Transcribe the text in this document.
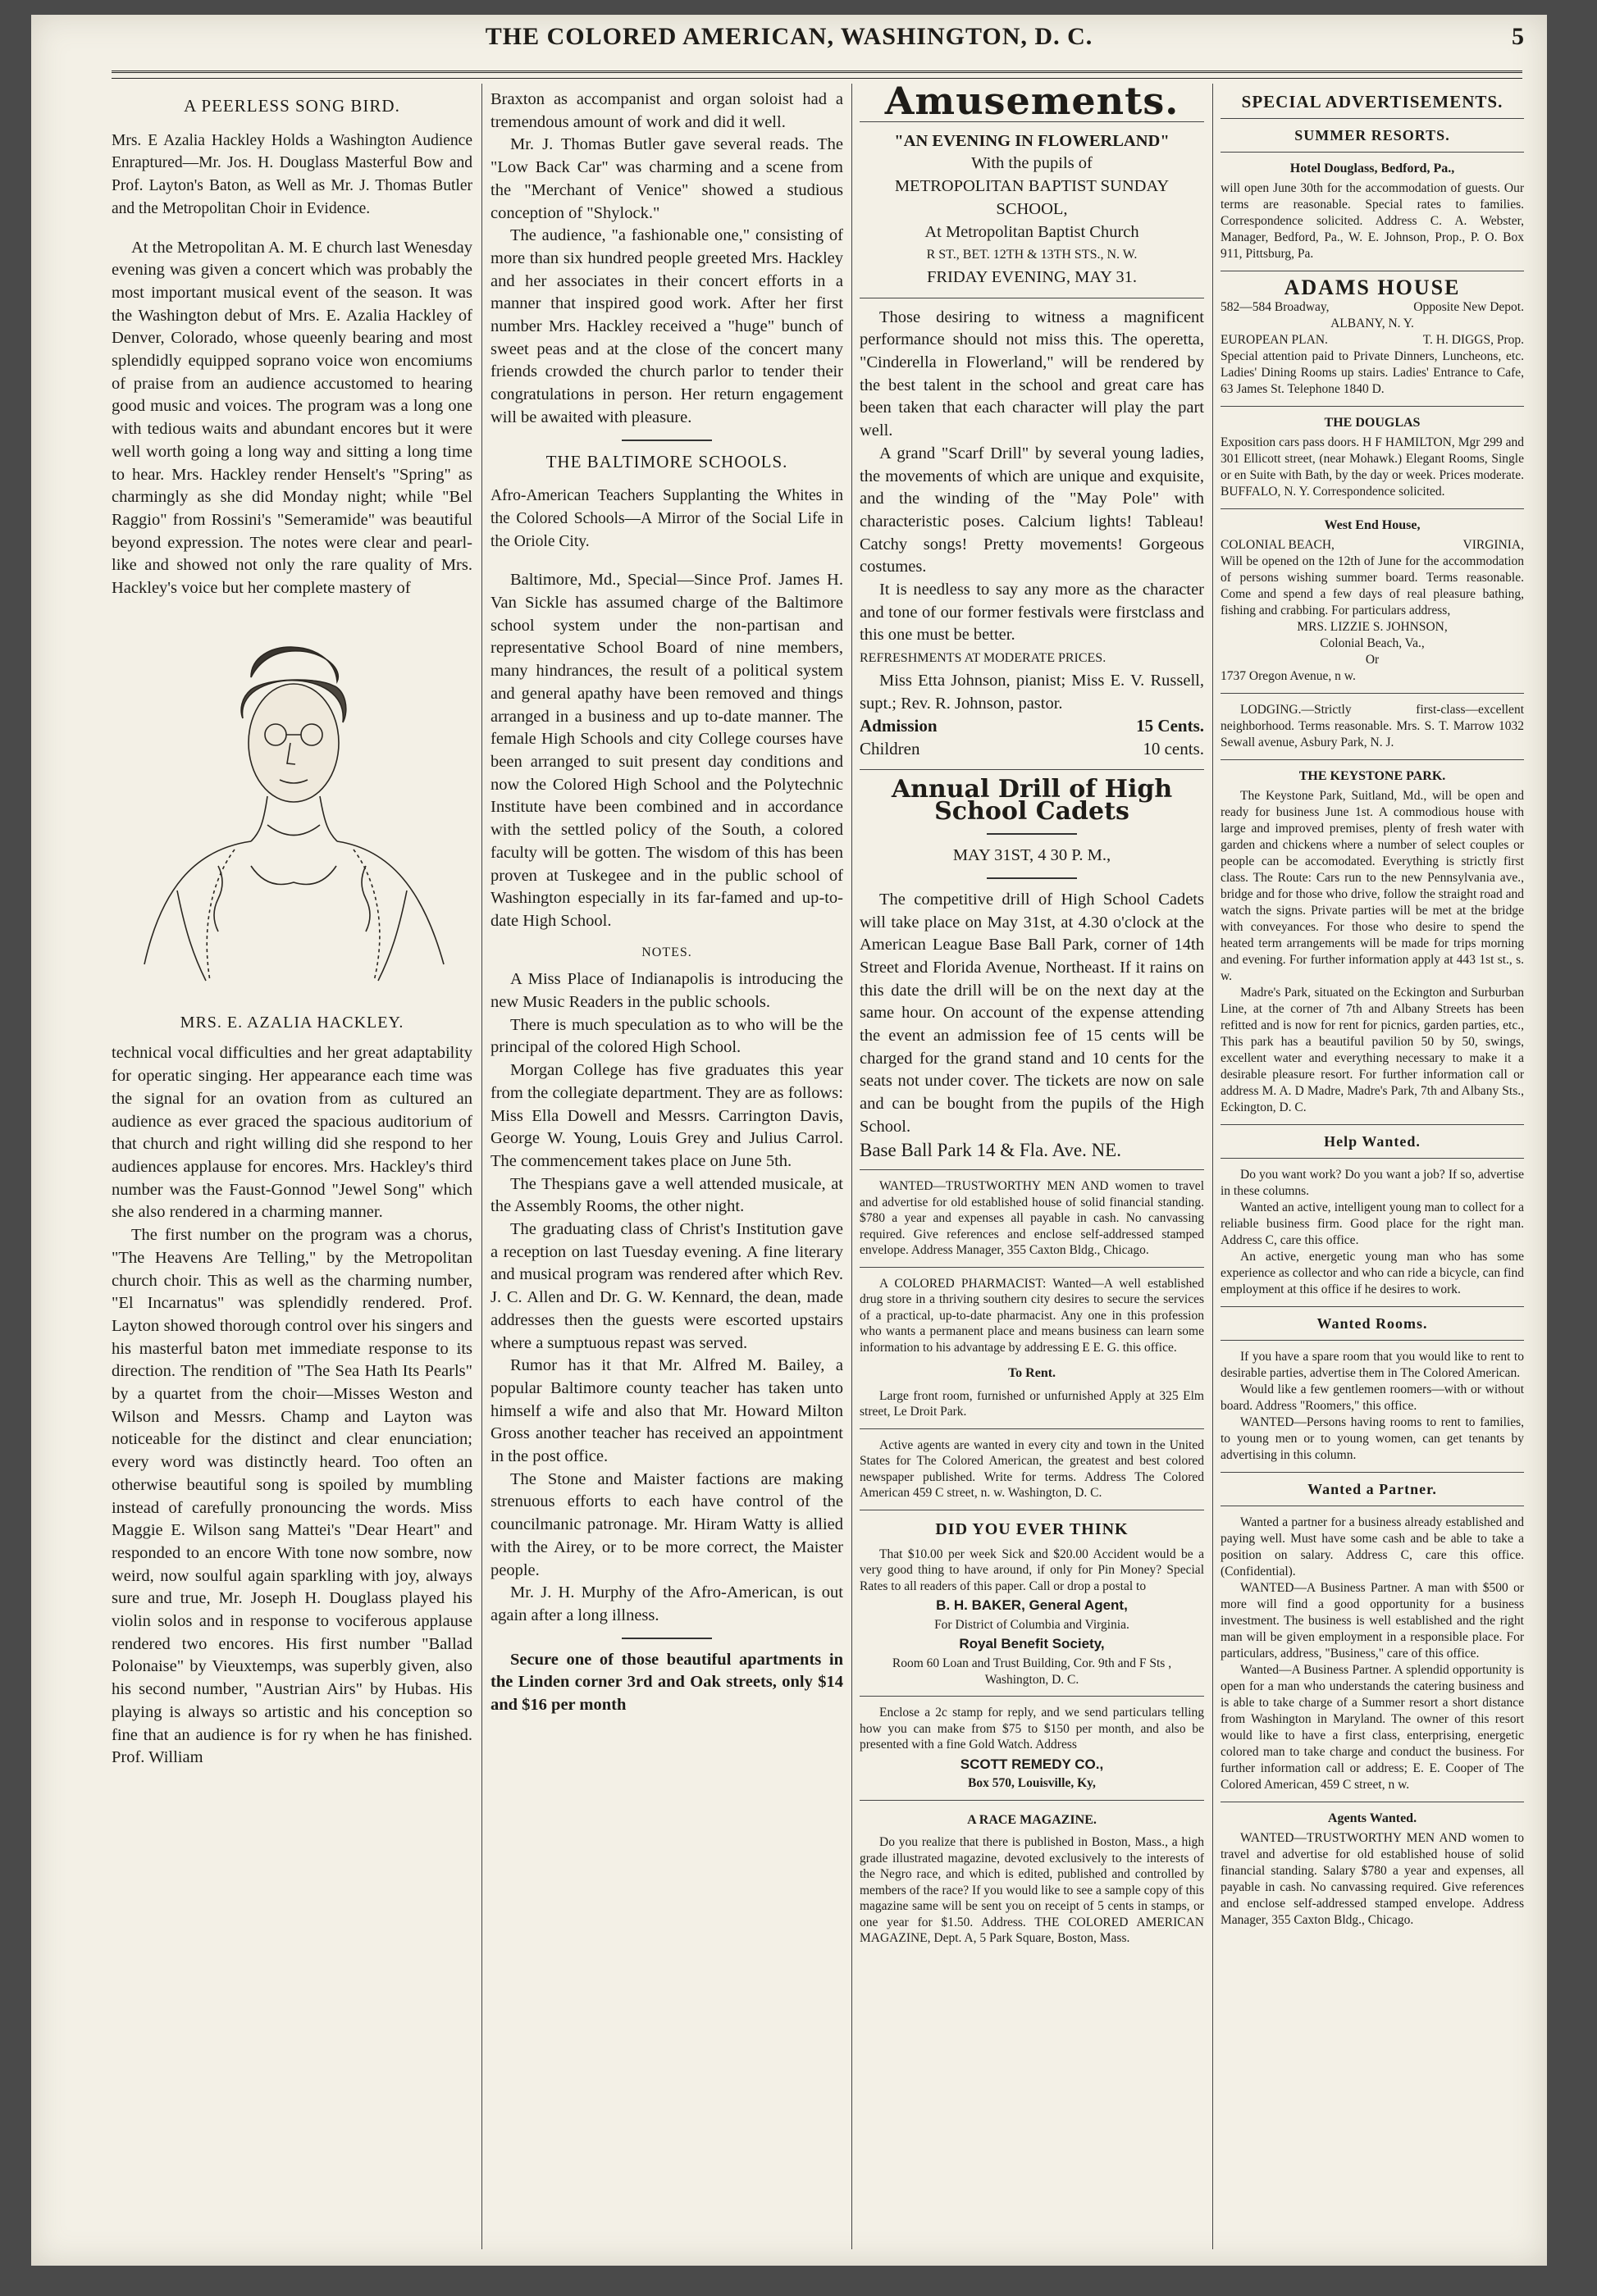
THE COLORED AMERICAN, WASHINGTON, D. C.	5
A PEERLESS SONG BIRD.

Mrs. E Azalia Hackley Holds a Washington Audience Enraptured—Mr. Jos. H. Douglass Masterful Bow and Prof. Layton's Baton, as Well as Mr. J. Thomas Butler and the Metropolitan Choir in Evidence.

At the Metropolitan A. M. E church last Wenesday evening was given a concert which was probably the most important musical event of the season. It was the Washington debut of Mrs. E. Azalia Hackley of Denver, Colorado, whose queenly bearing and most splendidly equipped soprano voice won encomiums of praise from an audience accustomed to hearing good music and voices. The program was a long one with tedious waits and abundant encores but it were well worth going a long way and sitting a long time to hear. Mrs. Hackley render Henselt's "Spring" as charmingly as she did Monday night; while "Bel Raggio" from Rossini's "Semeramide" was beautiful beyond expression. The notes were clear and pearl-like and showed not only the rare quality of Mrs. Hackley's voice but her complete mastery of

MRS. E. AZALIA HACKLEY.

technical vocal difficulties and her great adaptability for operatic singing. Her appearance each time was the signal for an ovation from as cultured an audience as ever graced the spacious auditorium of that church and right willing did she respond to her audiences applause for encores. Mrs. Hackley's third number was the Faust-Gonnod "Jewel Song" which she also rendered in a charming manner.

The first number on the program was a chorus, "The Heavens Are Telling," by the Metropolitan church choir. This as well as the charming number, "El Incarnatus" was splendidly rendered. Prof. Layton showed thorough control over his singers and his masterful baton met immediate response to its direction. The rendition of "The Sea Hath Its Pearls" by a quartet from the choir—Misses Weston and Wilson and Messrs. Champ and Layton was noticeable for the distinct and clear enunciation; every word was distinctly heard. Too often an otherwise beautiful song is spoiled by mumbling instead of carefully pronouncing the words. Miss Maggie E. Wilson sang Mattei's "Dear Heart" and responded to an encore With tone now sombre, now weird, now soulful again sparkling with joy, always sure and true, Mr. Joseph H. Douglass played his violin solos and in response to vociferous applause rendered two encores. His first number "Ballad Polonaise" by Vieuxtemps, was superbly given, also his second number, "Austrian Airs" by Hubas. His playing is always so artistic and his conception so fine that an audience is for ry when he has finished. Prof. William

Braxton as accompanist and organ soloist had a tremendous amount of work and did it well.

Mr. J. Thomas Butler gave several reads. The "Low Back Car" was charming and a scene from the "Merchant of Venice" showed a studious conception of "Shylock."

The audience, "a fashionable one," consisting of more than six hundred people greeted Mrs. Hackley and her associates in their concert efforts in a manner that inspired good work. After her first number Mrs. Hackley received a "huge" bunch of sweet peas and at the close of the concert many friends crowded the church parlor to tender their congratulations in person. Her return engagement will be awaited with pleasure.

THE BALTIMORE SCHOOLS.

Afro-American Teachers Supplanting the Whites in the Colored Schools—A Mirror of the Social Life in the Oriole City.

Baltimore, Md., Special—Since Prof. James H. Van Sickle has assumed charge of the Baltimore school system under the non-partisan and representative School Board of nine members, many hindrances, the result of a political system and general apathy have been removed and things arranged in a business and up to-date manner. The female High Schools and city College courses have been arranged to suit present day conditions and now the Colored High School and the Polytechnic Institute have been combined and in accordance with the settled policy of the South, a colored faculty will be gotten. The wisdom of this has been proven at Tuskegee and in the public school of Washington especially in its far-famed and up-to-date High School.

NOTES.

A Miss Place of Indianapolis is introducing the new Music Readers in the public schools.

There is much speculation as to who will be the principal of the colored High School.

Morgan College has five graduates this year from the collegiate department. They are as follows: Miss Ella Dowell and Messrs. Carrington Davis, George W. Young, Louis Grey and Julius Carrol. The commencement takes place on June 5th.

The Thespians gave a well attended musicale, at the Assembly Rooms, the other night.

The graduating class of Christ's Institution gave a reception on last Tuesday evening. A fine literary and musical program was rendered after which Rev. J. C. Allen and Dr. G. W. Kennard, the dean, made addresses then the guests were escorted upstairs where a sumptuous repast was served.

Rumor has it that Mr. Alfred M. Bailey, a popular Baltimore county teacher has taken unto himself a wife and also that Mr. Howard Milton Gross another teacher has received an appointment in the post office.

The Stone and Maister factions are making strenuous efforts to each have control of the councilmanic patronage. Mr. Hiram Watty is allied with the Airey, or to be more correct, the Maister people.

Mr. J. H. Murphy of the Afro-American, is out again after a long illness.

Secure one of those beautiful apartments in the Linden corner 3rd and Oak streets, only $14 and $16 per month

Amusements.

"AN EVENING IN FLOWERLAND"

With the pupils of

METROPOLITAN BAPTIST SUNDAY

SCHOOL,

At Metropolitan Baptist Church

R ST., BET. 12TH & 13TH STS., N. W.

FRIDAY EVENING, MAY 31.

Those desiring to witness a magnificent performance should not miss this. The operetta, "Cinderella in Flowerland," will be rendered by the best talent in the school and great care has been taken that each character will play the part well.

A grand "Scarf Drill" by several young ladies, the movements of which are unique and exquisite, and the winding of the "May Pole" with characteristic poses. Calcium lights! Tableau! Catchy songs! Pretty movements! Gorgeous costumes.

It is needless to say any more as the character and tone of our former festivals were firstclass and this one must be better.

REFRESHMENTS AT MODERATE PRICES.

Miss Etta Johnson, pianist; Miss E. V. Russell, supt.; Rev. R. Johnson, pastor.

Admission	15 Cents.
Children	10 cents.
Annual Drill of High School Cadets

MAY 31ST, 4 30 P. M.,

The competitive drill of High School Cadets will take place on May 31st, at 4.30 o'clock at the American League Base Ball Park, corner of 14th Street and Florida Avenue, Northeast. If it rains on this date the drill will be on the next day at the same hour. On account of the expense attending the event an admission fee of 15 cents will be charged for the grand stand and 10 cents for the seats not under cover. The tickets are now on sale and can be bought from the pupils of the High School.

Base Ball Park 14 & Fla. Ave. NE.

WANTED—TRUSTWORTHY MEN AND women to travel and advertise for old established house of solid financial standing. $780 a year and expenses all payable in cash. No canvassing required. Give references and enclose self-addressed stamped envelope. Address Manager, 355 Caxton Bldg., Chicago.

A COLORED PHARMACIST: Wanted—A well established drug store in a thriving southern city desires to secure the services of a practical, up-to-date pharmacist. Any one in this profession who wants a permanent place and means business can learn some information to his advantage by addressing E E. G. this office.

To Rent.

Large front room, furnished or unfurnished Apply at 325 Elm street, Le Droit Park.

Active agents are wanted in every city and town in the United States for The Colored American, the greatest and best colored newspaper published. Write for terms. Address The Colored American 459 C street, n. w. Washington, D. C.

DID YOU EVER THINK

That $10.00 per week Sick and $20.00 Accident would be a very good thing to have around, if only for Pin Money? Special Rates to all readers of this paper. Call or drop a postal to

B. H. BAKER, General Agent,

For District of Columbia and Virginia.

Royal Benefit Society,

Room 60 Loan and Trust Building, Cor. 9th and F Sts , Washington, D. C.

Enclose a 2c stamp for reply, and we send particulars telling how you can make from $75 to $150 per month, and also be presented with a fine Gold Watch. Address

SCOTT REMEDY CO.,

Box 570, Louisville, Ky,

A RACE MAGAZINE.

Do you realize that there is published in Boston, Mass., a high grade illustrated magazine, devoted exclusively to the interests of the Negro race, and which is edited, published and controlled by members of the race? If you would like to see a sample copy of this magazine same will be sent you on receipt of 5 cents in stamps, or one year for $1.50. Address. THE COLORED AMERICAN MAGAZINE, Dept. A, 5 Park Square, Boston, Mass.

SPECIAL ADVERTISEMENTS.
SUMMER RESORTS.
Hotel Douglass, Bedford, Pa.,

will open June 30th for the accommodation of guests. Our terms are reasonable. Special rates to families. Correspondence solicited. Address C. A. Webster, Manager, Bedford, Pa., W. E. Johnson, Prop., P. O. Box 911, Pittsburg, Pa.

ADAMS HOUSE
582—584 Broadway,	Opposite New Depot.

ALBANY, N. Y.

EUROPEAN PLAN.	T. H. DIGGS, Prop.

Special attention paid to Private Dinners, Luncheons, etc. Ladies' Dining Rooms up stairs. Ladies' Entrance to Cafe, 63 James St. Telephone 1840 D.

THE DOUGLAS

Exposition cars pass doors. H F HAMILTON, Mgr 299 and 301 Ellicott street, (near Mohawk.) Elegant Rooms, Single or en Suite with Bath, by the day or week. Prices moderate. BUFFALO, N. Y. Correspondence solicited.

West End House,
COLONIAL BEACH,	VIRGINIA,

Will be opened on the 12th of June for the accommodation of persons wishing summer board. Terms reasonable. Come and spend a few days of real pleasure bathing, fishing and crabbing. For particulars address,

MRS. LIZZIE S. JOHNSON,

Colonial Beach, Va.,

Or

1737 Oregon Avenue, n w.

LODGING.—Strictly first-class—excellent neighborhood. Terms reasonable. Mrs. S. T. Marrow 1032 Sewall avenue, Asbury Park, N. J.

THE KEYSTONE PARK.

The Keystone Park, Suitland, Md., will be open and ready for business June 1st. A commodious house with large and improved premises, plenty of fresh water with garden and chickens where a number of select couples or people can be accomodated. Everything is strictly first class. The Route: Cars run to the new Pennsylvania ave., bridge and for those who drive, follow the straight road and watch the signs. Private parties will be met at the bridge with conveyances. For those who desire to spend the heated term arrangements will be made for trips morning and evening. For further information apply at 443 1st st., s. w.

Madre's Park, situated on the Eckington and Surburban Line, at the corner of 7th and Albany Streets has been refitted and is now for rent for picnics, garden parties, etc., This park has a beautiful pavilion 50 by 50, swings, excellent water and everything necessary to make it a desirable pleasure resort. For further information call or address M. A. D Madre, Madre's Park, 7th and Albany Sts., Eckington, D. C.

Help Wanted.

Do you want work? Do you want a job? If so, advertise in these columns.

Wanted an active, intelligent young man to collect for a reliable business firm. Good place for the right man. Address C, care this office.

An active, energetic young man who has some experience as collector and who can ride a bicycle, can find employment at this office if he desires to work.

Wanted Rooms.

If you have a spare room that you would like to rent to desirable parties, advertise them in The Colored American.

Would like a few gentlemen roomers—with or without board. Address "Roomers," this office.

WANTED—Persons having rooms to rent to families, to young men or to young women, can get tenants by advertising in this column.

Wanted a Partner.

Wanted a partner for a business already established and paying well. Must have some cash and be able to take a position on salary. Address C, care this office. (Confidential).

WANTED—A Business Partner. A man with $500 or more will find a good opportunity for a business investment. The business is well established and the right man will be given employment in a responsible place. For particulars, address, "Business," care of this office.

Wanted—A Business Partner. A splendid opportunity is open for a man who understands the catering business and is able to take charge of a Summer resort a short distance from Washington in Maryland. The owner of this resort would like to have a first class, enterprising, energetic colored man to take charge and conduct the business. For further information call or address; E. E. Cooper of The Colored American, 459 C street, n w.

Agents Wanted.

WANTED—TRUSTWORTHY MEN AND women to travel and advertise for old established house of solid financial standing. Salary $780 a year and expenses, all payable in cash. No canvassing required. Give references and enclose self-addressed stamped envelope. Address Manager, 355 Caxton Bldg., Chicago.
